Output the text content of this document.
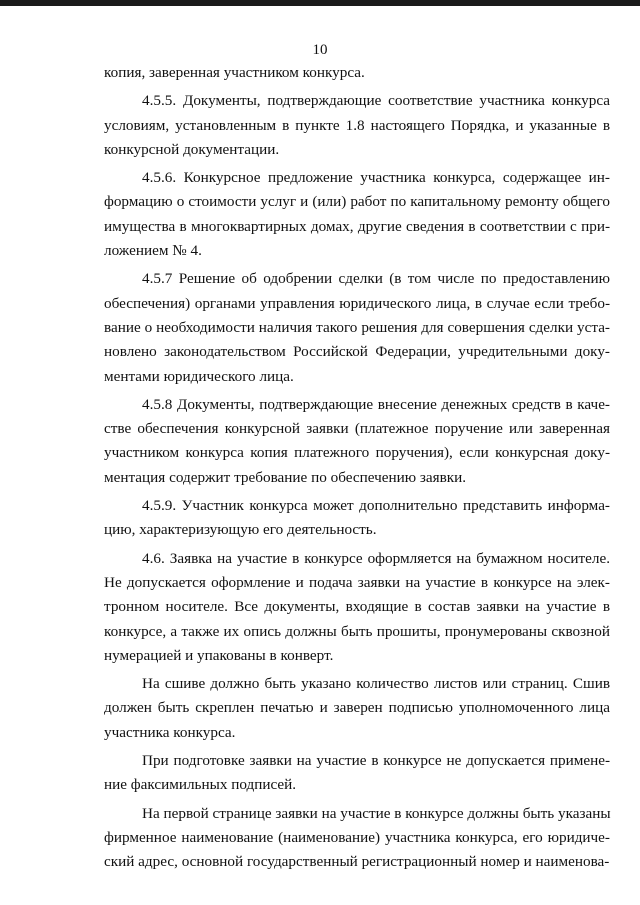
10
копия, заверенная участником конкурса.
4.5.5. Документы, подтверждающие соответствие участника конкурса
условиям, установленным в пункте 1.8 настоящего Порядка, и указанные в
конкурсной документации.
4.5.6. Конкурсное предложение участника конкурса, содержащее ин-
формацию о стоимости услуг и (или) работ по капитальному ремонту общего
имущества в многоквартирных домах, другие сведения в соответствии с при-
ложением № 4.
4.5.7 Решение об одобрении сделки (в том числе по предоставлению
обеспечения) органами управления юридического лица, в случае если требо-
вание о необходимости наличия такого решения для совершения сделки уста-
новлено законодательством Российской Федерации, учредительными доку-
ментами юридического лица.
4.5.8 Документы, подтверждающие внесение денежных средств в каче-
стве обеспечения конкурсной заявки (платежное поручение или заверенная
участником конкурса копия платежного поручения), если конкурсная доку-
ментация содержит требование по обеспечению заявки.
4.5.9. Участник конкурса может дополнительно представить информа-
цию, характеризующую его деятельность.
4.6. Заявка на участие в конкурсе оформляется на бумажном носителе.
Не допускается оформление и подача заявки на участие в конкурсе на элек-
тронном носителе. Все документы, входящие в состав заявки на участие в
конкурсе, а также их опись должны быть прошиты, пронумерованы сквозной
нумерацией и упакованы в конверт.
На сшиве должно быть указано количество листов или страниц. Сшив
должен быть скреплен печатью и заверен подписью уполномоченного лица
участника конкурса.
При подготовке заявки на участие в конкурсе не допускается примене-
ние факсимильных подписей.
На первой странице заявки на участие в конкурсе должны быть указаны
фирменное наименование (наименование) участника конкурса, его юридиче-
ский адрес, основной государственный регистрационный номер и наименова-
